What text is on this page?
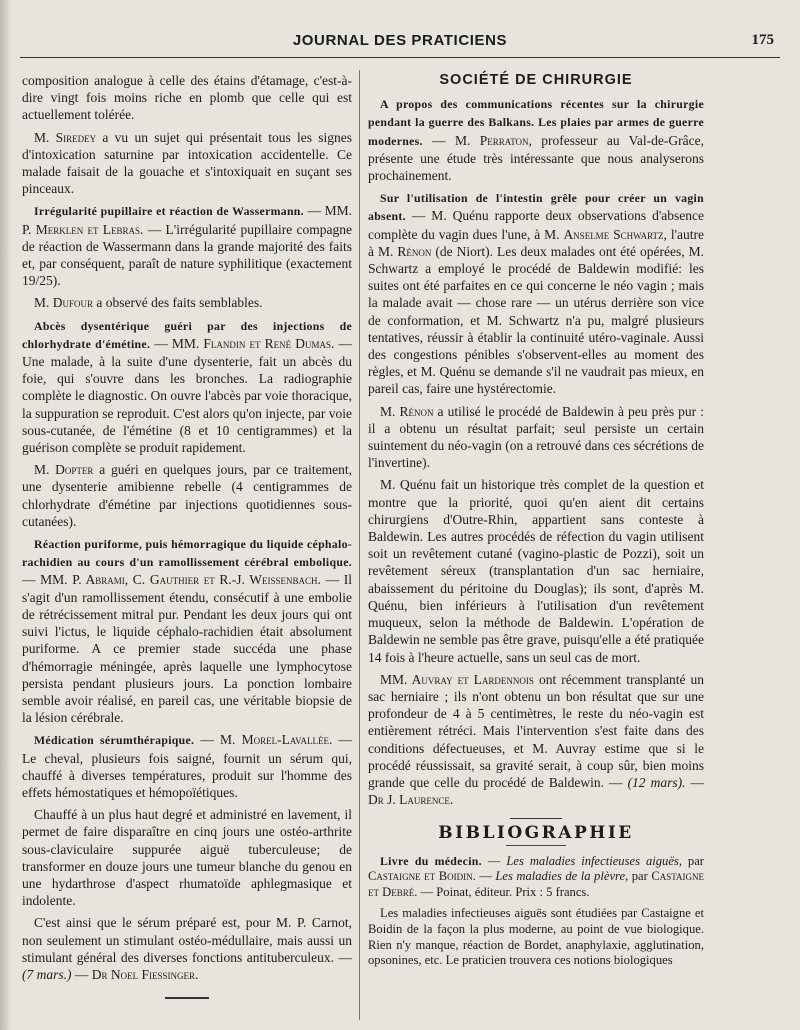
JOURNAL DES PRATICIENS	175

composition analogue à celle des étains d'étamage, c'est-à-dire vingt fois moins riche en plomb que celle qui est actuellement tolérée.

M. Siredey a vu un sujet qui présentait tous les signes d'intoxication saturnine par intoxication accidentelle. Ce malade faisait de la gouache et s'intoxiquait en suçant ses pinceaux.

Irrégularité pupillaire et réaction de Wassermann. — MM. P. Merklen et Lebras. — L'irrégularité pupillaire compagne de réaction de Wassermann dans la grande majorité des faits et, par conséquent, paraît de nature syphilitique (exactement 19/25).

M. Dufour a observé des faits semblables.

Abcès dysentérique guéri par des injections de chlorhydrate d'émétine. — MM. Flandin et René Dumas. — Une malade, à la suite d'une dysenterie, fait un abcès du foie, qui s'ouvre dans les bronches. La radiographie complète le diagnostic. On ouvre l'abcès par voie thoracique, la suppuration se reproduit. C'est alors qu'on injecte, par voie sous-cutanée, de l'émétine (8 et 10 centigrammes) et la guérison complète se produit rapidement.

M. Dopter a guéri en quelques jours, par ce traitement, une dysenterie amibienne rebelle (4 centigrammes de chlorhydrate d'émétine par injections quotidiennes sous-cutanées).

Réaction puriforme, puis hémorragique du liquide céphalo-rachidien au cours d'un ramollissement cérébral embolique. — MM. P. Abrami, C. Gauthier et R.-J. Weissenbach. — Il s'agit d'un ramollissement étendu, consécutif à une embolie de rétrécissement mitral pur. Pendant les deux jours qui ont suivi l'ictus, le liquide céphalo-rachidien était absolument puriforme. A ce premier stade succéda une phase d'hémorragie méningée, après laquelle une lymphocytose persista pendant plusieurs jours. La ponction lombaire semble avoir réalisé, en pareil cas, une véritable biopsie de la lésion cérébrale.

Médication sérumthérapique. — M. Morel-Lavallée. — Le cheval, plusieurs fois saigné, fournit un sérum qui, chauffé à diverses températures, produit sur l'homme des effets hémostatiques et hémopoïétiques.

Chauffé à un plus haut degré et administré en lavement, il permet de faire disparaître en cinq jours une ostéo-arthrite sous-claviculaire suppurée aiguë tuberculeuse; de transformer en douze jours une tumeur blanche du genou en une hydarthrose d'aspect rhumatoïde aphlegmasique et indolente.

C'est ainsi que le sérum préparé est, pour M. P. Carnot, non seulement un stimulant ostéo-médullaire, mais aussi un stimulant général des diverses fonctions antituberculeux. — (7 mars.) — Dr Noel Fiessinger.

SOCIÉTÉ DE CHIRURGIE

A propos des communications récentes sur la chirurgie pendant la guerre des Balkans. Les plaies par armes de guerre modernes. — M. Perraton, professeur au Val-de-Grâce, présente une étude très intéressante que nous analyserons prochainement.

Sur l'utilisation de l'intestin grêle pour créer un vagin absent. — M. Quénu rapporte deux observations d'absence complète du vagin dues l'une, à M. Anselme Schwartz, l'autre à M. Rénon (de Niort). Les deux malades ont été opérées, M. Schwartz a employé le procédé de Baldewin modifié: les suites ont été parfaites en ce qui concerne le néo vagin ; mais la malade avait — chose rare — un utérus derrière son vice de conformation, et M. Schwartz n'a pu, malgré plusieurs tentatives, réussir à établir la continuité utéro-vaginale. Aussi des congestions pénibles s'observent-elles au moment des règles, et M. Quénu se demande s'il ne vaudrait pas mieux, en pareil cas, faire une hystérectomie.

M. Rénon a utilisé le procédé de Baldewin à peu près pur : il a obtenu un résultat parfait; seul persiste un certain suintement du néo-vagin (on a retrouvé dans ces sécrétions de l'invertine).

M. Quénu fait un historique très complet de la question et montre que la priorité, quoi qu'en aient dit certains chirurgiens d'Outre-Rhin, appartient sans conteste à Baldewin. Les autres procédés de réfection du vagin utilisent soit un revêtement cutané (vagino-plastic de Pozzi), soit un revêtement séreux (transplantation d'un sac herniaire, abaissement du péritoine du Douglas); ils sont, d'après M. Quénu, bien inférieurs à l'utilisation d'un revêtement muqueux, selon la méthode de Baldewin. L'opération de Baldewin ne semble pas être grave, puisqu'elle a été pratiquée 14 fois à l'heure actuelle, sans un seul cas de mort.

MM. Auvray et Lardennois ont récemment transplanté un sac herniaire ; ils n'ont obtenu un bon résultat que sur une profondeur de 4 à 5 centimètres, le reste du néo-vagin est entièrement rétréci. Mais l'intervention s'est faite dans des conditions défectueuses, et M. Auvray estime que si le procédé réussissait, sa gravité serait, à coup sûr, bien moins grande que celle du procédé de Baldewin. — (12 mars). — Dr J. Laurence.

BIBLIOGRAPHIE

Livre du médecin. — Les maladies infectieuses aiguës, par Castaigne et Boidin. — Les maladies de la plèvre, par Castaigne et Debré. — Poinat, éditeur. Prix : 5 francs.

Les maladies infectieuses aiguës sont étudiées par Castaigne et Boidin de la façon la plus moderne, au point de vue biologique. Rien n'y manque, réaction de Bordet, anaphylaxie, agglutination, opsonines, etc. Le praticien trouvera ces notions biologiques
